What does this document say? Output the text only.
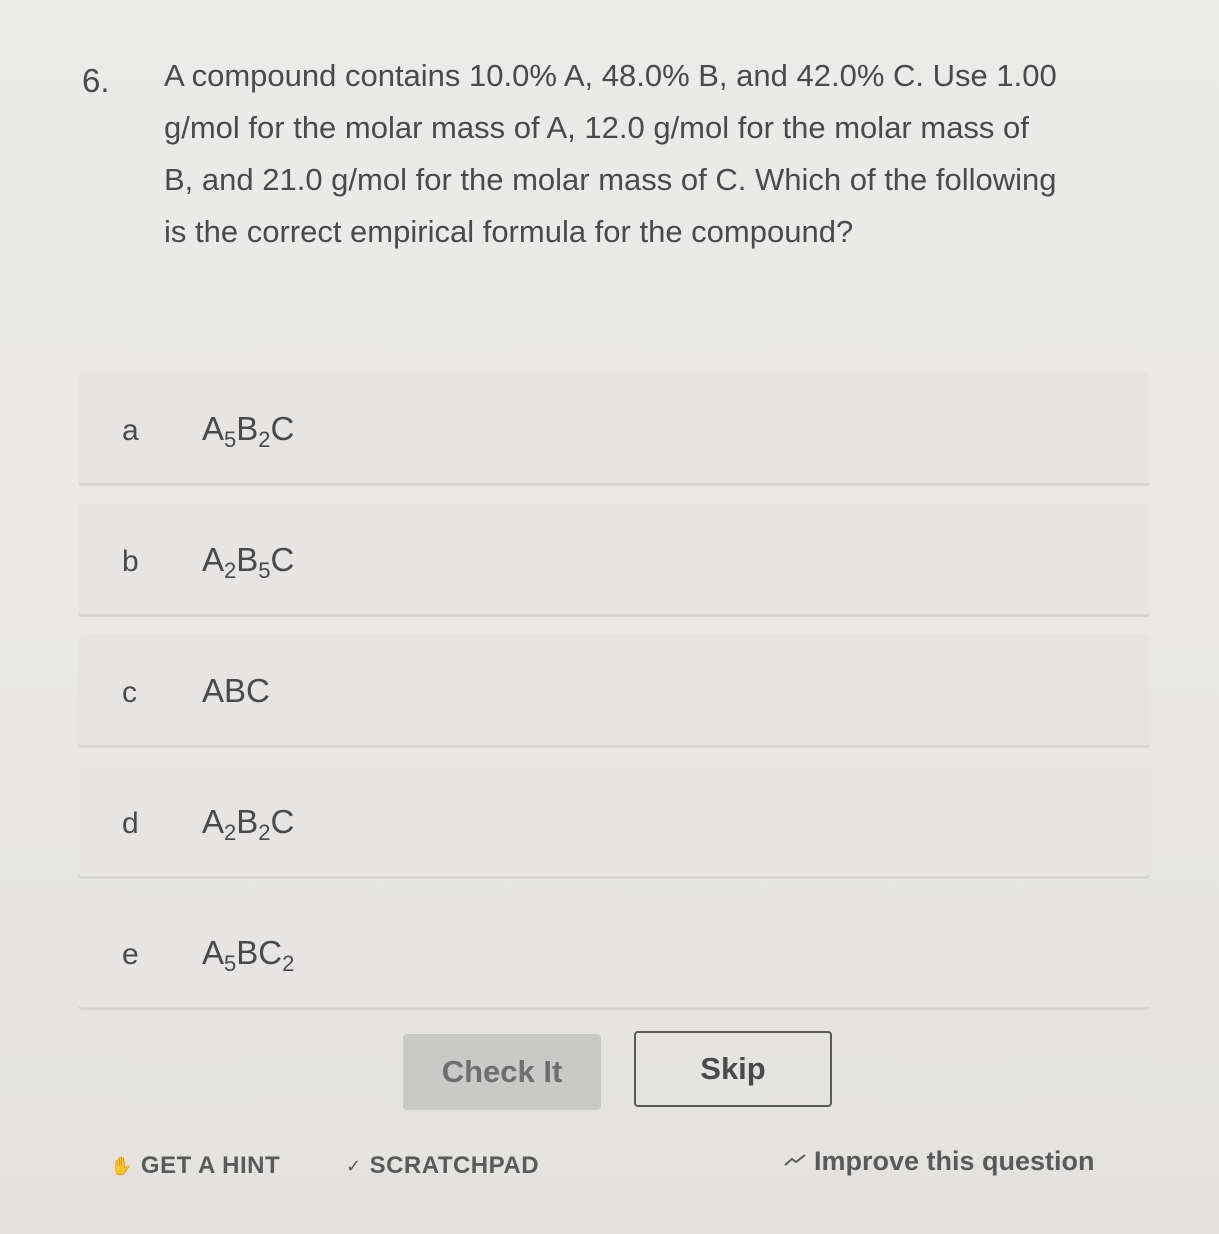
6. A compound contains 10.0% A, 48.0% B, and 42.0% C. Use 1.00 g/mol for the molar mass of A, 12.0 g/mol for the molar mass of B, and 21.0 g/mol for the molar mass of C. Which of the following is the correct empirical formula for the compound?
a $A_5B_2C$
b $A_2B_5C$
c ABC
d $A_2B_2C$
e $A_5BC_2$
Check It	Skip
✋ GET A HINT	✓ SCRATCHPAD	Improve this question
